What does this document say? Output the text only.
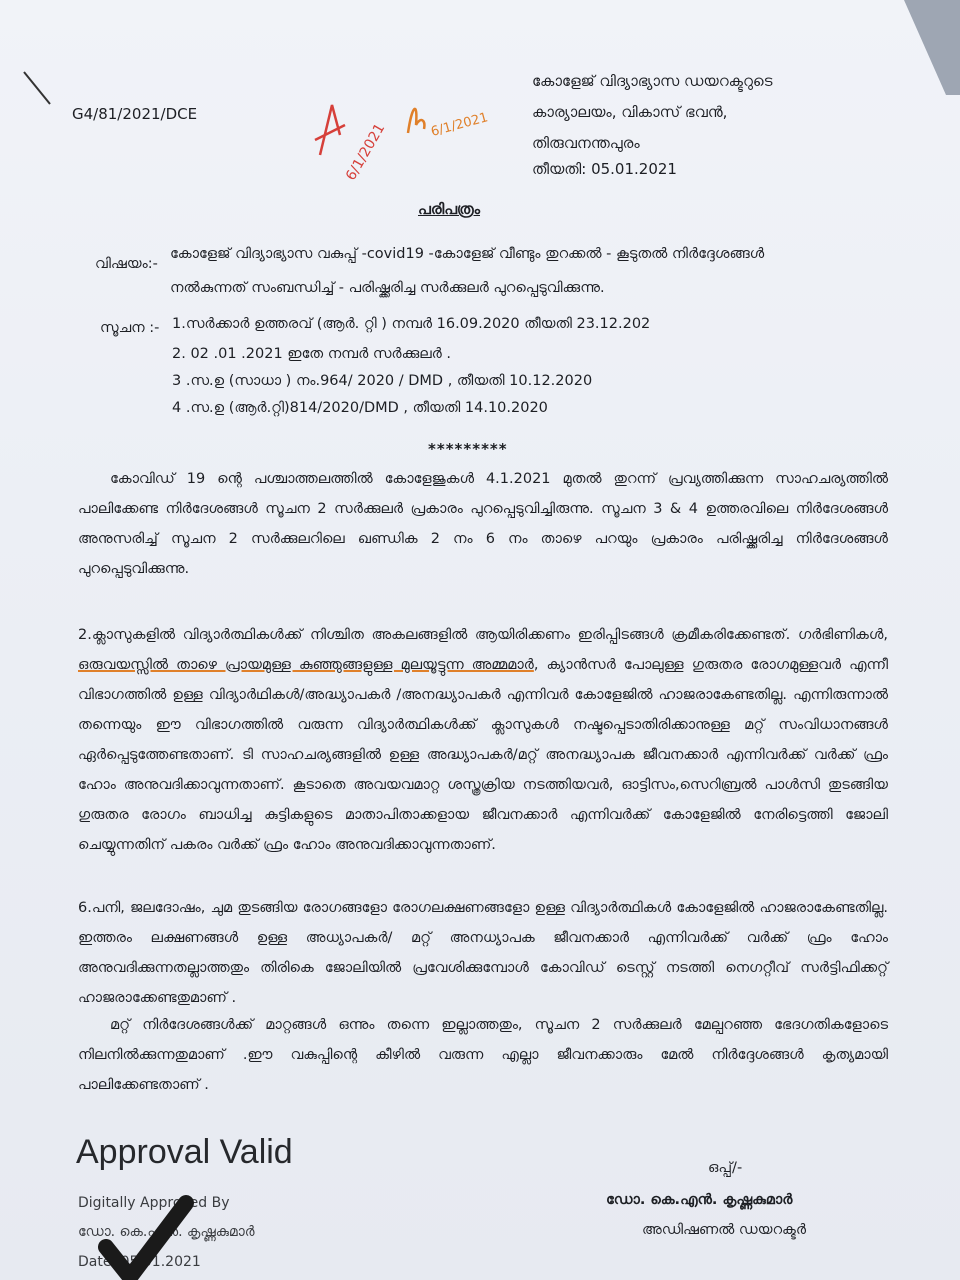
G4/81/2021/DCE
6/1/2021	6/1/2021
കോളേജ് വിദ്യാഭ്യാസ ഡയറക്ടറുടെ
കാര്യാലയം, വികാസ് ഭവൻ,
തിരുവനന്തപുരം
തീയതി: 05.01.2021
പരിപത്രം
വിഷയം:-
കോളേജ് വിദ്യാഭ്യാസ വകുപ്പ് -covid19 -കോളേജ് വീണ്ടും തുറക്കൽ - കൂടുതൽ നിർദ്ദേശങ്ങൾ
നൽകുന്നത് സംബന്ധിച്ച് - പരിഷ്ക്കരിച്ച സർക്കുലർ പുറപ്പെടുവിക്കുന്നു.
സൂചന :- 1.സർക്കാർ ഉത്തരവ് (ആർ. റ്റി ) നമ്പർ 16.09.2020 തീയതി 23.12.202
2. 02 .01 .2021 ഇതേ നമ്പർ സർക്കുലർ .
3 .സ.ഉ (സാധാ ) നം.964/ 2020 / DMD , തീയതി 10.12.2020
4 .സ.ഉ (ആർ.റ്റി)814/2020/DMD , തീയതി 14.10.2020
*********
കോവിഡ് 19 ന്റെ പശ്ചാത്തലത്തിൽ കോളേജുകൾ 4.1.2021 മുതൽ തുറന്ന് പ്രവ്യത്തിക്കുന്ന സാഹചര്യത്തിൽ പാലിക്കേണ്ട നിർദേശങ്ങൾ സൂചന 2 സർക്കുലർ പ്രകാരം പുറപ്പെടുവിച്ചിരുന്നു. സൂചന 3 & 4 ഉത്തരവിലെ നിർദേശങ്ങൾ അനുസരിച്ച് സൂചന 2 സർക്കുലറിലെ ഖണ്ഡിക 2 നം 6 നം താഴെ പറയും പ്രകാരം പരിഷ്ക്കരിച്ച നിർദേശങ്ങൾ പുറപ്പെടുവിക്കുന്നു.
2.ക്ലാസുകളിൽ വിദ്യാർത്ഥികൾക്ക് നിശ്ചിത അകലങ്ങളിൽ ആയിരിക്കണം ഇരിപ്പിടങ്ങൾ ക്രമീകരിക്കേണ്ടത്. ഗർഭിണികൾ, ഒരുവയസ്സിൽ താഴെ പ്രായമുള്ള കുഞ്ഞുങ്ങളുള്ള മുലയൂട്ടുന്ന അമ്മമാർ, ക്യാൻസർ പോലുള്ള ഗുരുതര രോഗമുള്ളവർ എന്നീ വിഭാഗത്തിൽ ഉള്ള വിദ്യാർഥികൾ/അദ്ധ്യാപകർ /അനദ്ധ്യാപകർ എന്നിവർ കോളേജിൽ ഹാജരാകേണ്ടതില്ല. എന്നിരുന്നാൽ തന്നെയും ഈ വിഭാഗത്തിൽ വരുന്ന വിദ്യാർത്ഥികൾക്ക് ക്ലാസുകൾ നഷ്ടപ്പെടാതിരിക്കാനുള്ള മറ്റ് സംവിധാനങ്ങൾ ഏർപ്പെടുത്തേണ്ടതാണ്. ടി സാഹചര്യങ്ങളിൽ ഉള്ള അദ്ധ്യാപകർ/മറ്റ് അനദ്ധ്യാപക ജീവനക്കാർ എന്നിവർക്ക് വർക്ക് ഫ്രം ഹോം അനുവദിക്കാവുന്നതാണ്. കൂടാതെ അവയവമാറ്റ ശസ്ത്രക്രിയ നടത്തിയവർ, ഓട്ടിസം,സെറിബ്രൽ പാൾസി തുടങ്ങിയ ഗുരുതര രോഗം ബാധിച്ച കുട്ടികളുടെ മാതാപിതാക്കളായ ജീവനക്കാർ എന്നിവർക്ക് കോളേജിൽ നേരിട്ടെത്തി ജോലി ചെയ്യുന്നതിന് പകരം വർക്ക് ഫ്രം ഹോം അനുവദിക്കാവുന്നതാണ്.
6.പനി, ജലദോഷം, ചുമ തുടങ്ങിയ രോഗങ്ങളോ രോഗലക്ഷണങ്ങളോ ഉള്ള വിദ്യാർത്ഥികൾ കോളേജിൽ ഹാജരാകേണ്ടതില്ല. ഇത്തരം ലക്ഷണങ്ങൾ ഉള്ള അധ്യാപകർ/ മറ്റ് അനധ്യാപക ജീവനക്കാർ എന്നിവർക്ക് വർക്ക് ഫ്രം ഹോം അനുവദിക്കുന്നതല്ലാത്തതും തിരികെ ജോലിയിൽ പ്രവേശിക്കുമ്പോൾ കോവിഡ് ടെസ്റ്റ് നടത്തി നെഗറ്റീവ് സർട്ടിഫിക്കറ്റ് ഹാജരാക്കേണ്ടതുമാണ് .
മറ്റ് നിർദേശങ്ങൾക്ക് മാറ്റങ്ങൾ ഒന്നും തന്നെ ഇല്ലാത്തതും, സൂചന 2 സർക്കുലർ മേല്പറഞ്ഞ ഭേദഗതികളോടെ നിലനിൽക്കുന്നതുമാണ് .ഈ വകുപ്പിന്റെ കീഴിൽ വരുന്ന എല്ലാ ജീവനക്കാരും മേൽ നിർദ്ദേശങ്ങൾ കൃത്യമായി പാലിക്കേണ്ടതാണ് .
Approval Valid
Digitally Approved By
ഡോ. കെ.എൻ. കൃഷ്ണകുമാർ
Date: 05.01.2021
ഒപ്പ്/-
ഡോ. കെ.എൻ. കൃഷ്ണകുമാർ
അഡിഷണൽ ഡയറക്ടർ
